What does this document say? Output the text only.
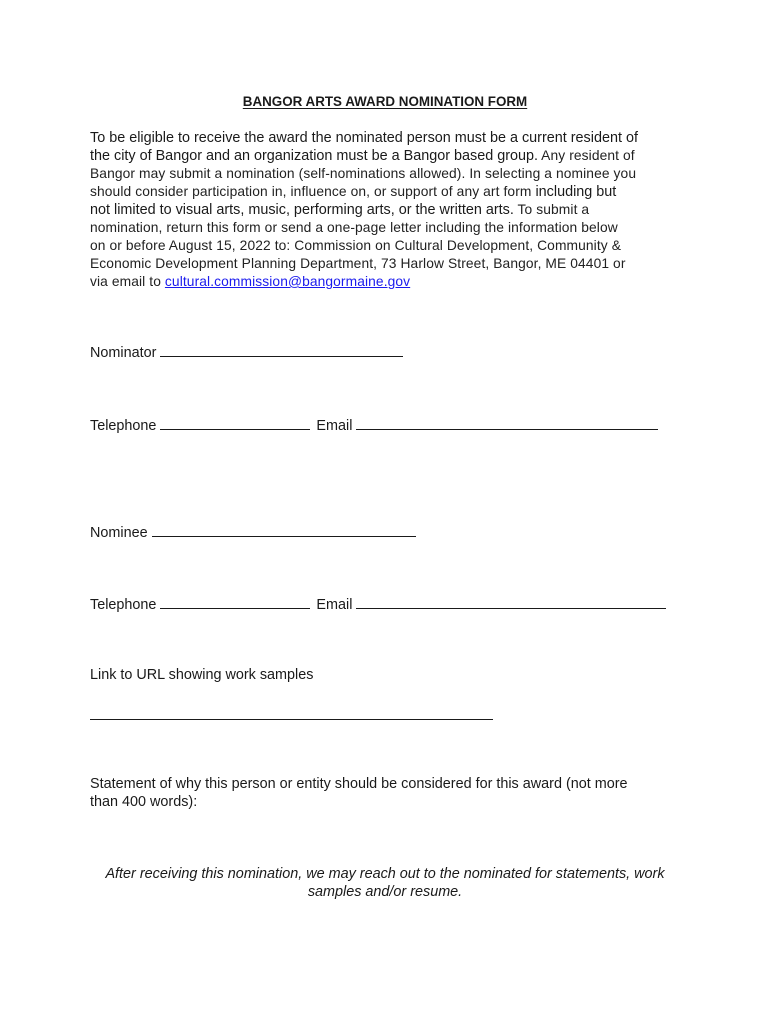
BANGOR ARTS AWARD NOMINATION FORM
To be eligible to receive the award the nominated person must be a current resident of
the city of Bangor and an organization must be a Bangor based group. Any resident of
Bangor may submit a nomination (self-nominations allowed). In selecting a nominee you
should consider participation in, influence on, or support of any art form including but
not limited to visual arts, music, performing arts, or the written arts. To submit a
nomination, return this form or send a one-page letter including the information below
on or before August 15, 2022 to: Commission on Cultural Development, Community &
Economic Development Planning Department, 73 Harlow Street, Bangor, ME 04401 or
via email to cultural.commission@bangormaine.gov
Nominator
Telephone	Email
Nominee
Telephone	Email
Link to URL showing work samples
Statement of why this person or entity should be considered for this award (not more
than 400 words):
After receiving this nomination, we may reach out to the nominated for statements, work
samples and/or resume.
